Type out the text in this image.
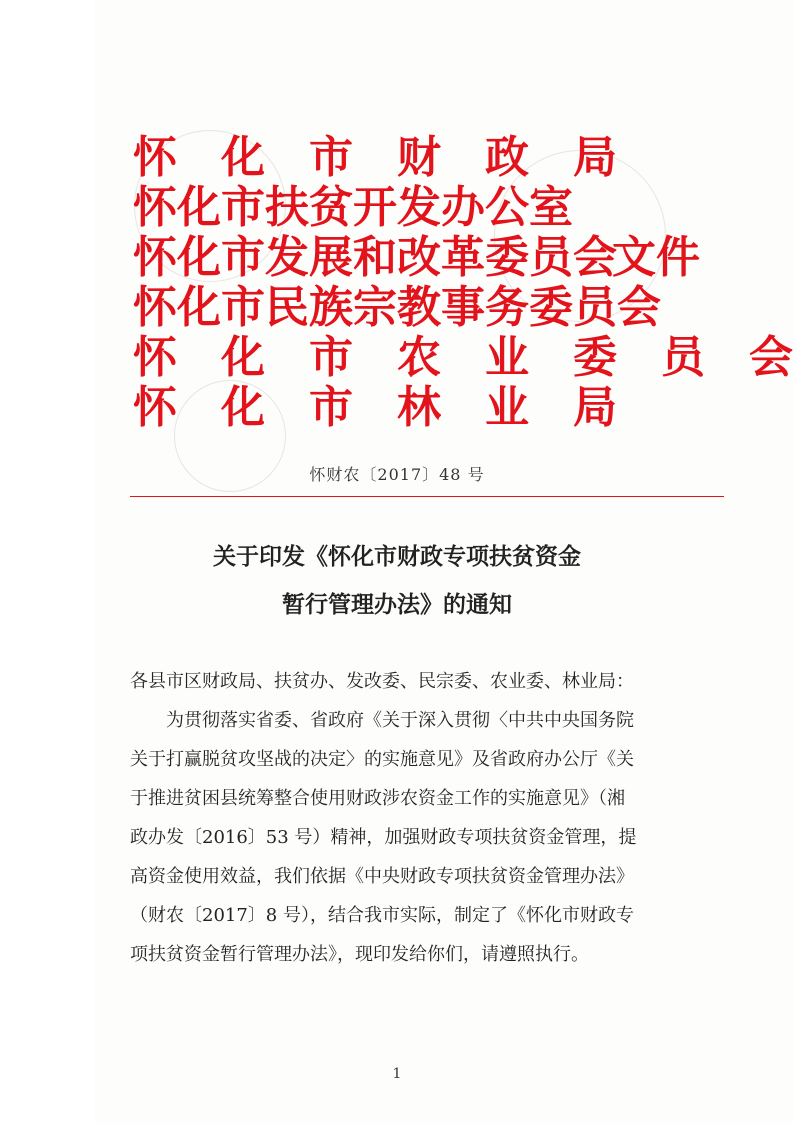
怀　化　市　财　政　局
怀化市扶贫开发办公室
怀化市发展和改革委员会
怀化市民族宗教事务委员会
怀　化　市　农　业　委　员　会
怀　化　市　林　业　局
文件
怀财农〔2017〕48 号
关于印发《怀化市财政专项扶贫资金
暂行管理办法》的通知
各县市区财政局、扶贫办、发改委、民宗委、农业委、林业局：
　　为贯彻落实省委、省政府《关于深入贯彻〈中共中央国务院
关于打赢脱贫攻坚战的决定〉的实施意见》及省政府办公厅《关
于推进贫困县统筹整合使用财政涉农资金工作的实施意见》（湘
政办发〔2016〕53 号）精神，加强财政专项扶贫资金管理，提
高资金使用效益，我们依据《中央财政专项扶贫资金管理办法》
（财农〔2017〕8 号），结合我市实际，制定了《怀化市财政专
项扶贫资金暂行管理办法》，现印发给你们，请遵照执行。
1
